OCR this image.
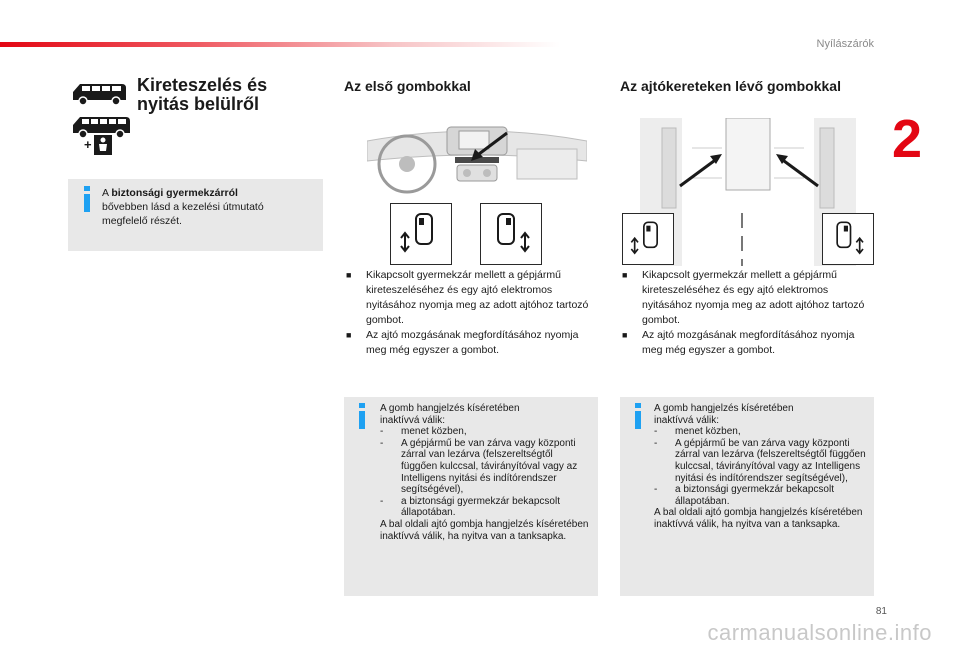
Nyílászárók
2
+
Kireteszelés és
nyitás belülről
A biztonsági gyermekzárról
bővebben lásd a kezelési útmutató megfelelő részét.
Az első gombokkal
■ Kikapcsolt gyermekzár mellett a gépjármű kireteszeléséhez és egy ajtó elektromos nyitásához nyomja meg az adott ajtóhoz tartozó gombot.
■ Az ajtó mozgásának megfordításához nyomja meg még egyszer a gombot.
A gomb hangjelzés kíséretében
inaktívvá válik:
- menet közben,
- A gépjármű be van zárva vagy központi zárral van lezárva (felszereltségtől függően kulccsal, távirányítóval vagy az Intelligens nyitási és indítórendszer segítségével),
- a biztonsági gyermekzár bekapcsolt állapotában.
A bal oldali ajtó gombja hangjelzés kíséretében inaktívvá válik, ha nyitva van a tanksapka.
Az ajtókereteken lévő gombokkal
■ Kikapcsolt gyermekzár mellett a gépjármű kireteszeléséhez és egy ajtó elektromos nyitásához nyomja meg az adott ajtóhoz tartozó gombot.
■ Az ajtó mozgásának megfordításához nyomja meg még egyszer a gombot.
A gomb hangjelzés kíséretében
inaktívvá válik:
- menet közben,
- A gépjármű be van zárva vagy központi zárral van lezárva (felszereltségtől függően kulccsal, távirányítóval vagy az Intelligens nyitási és indítórendszer segítségével),
- a biztonsági gyermekzár bekapcsolt állapotában.
A bal oldali ajtó gombja hangjelzés kíséretében inaktívvá válik, ha nyitva van a tanksapka.
81
carmanualsonline.info
